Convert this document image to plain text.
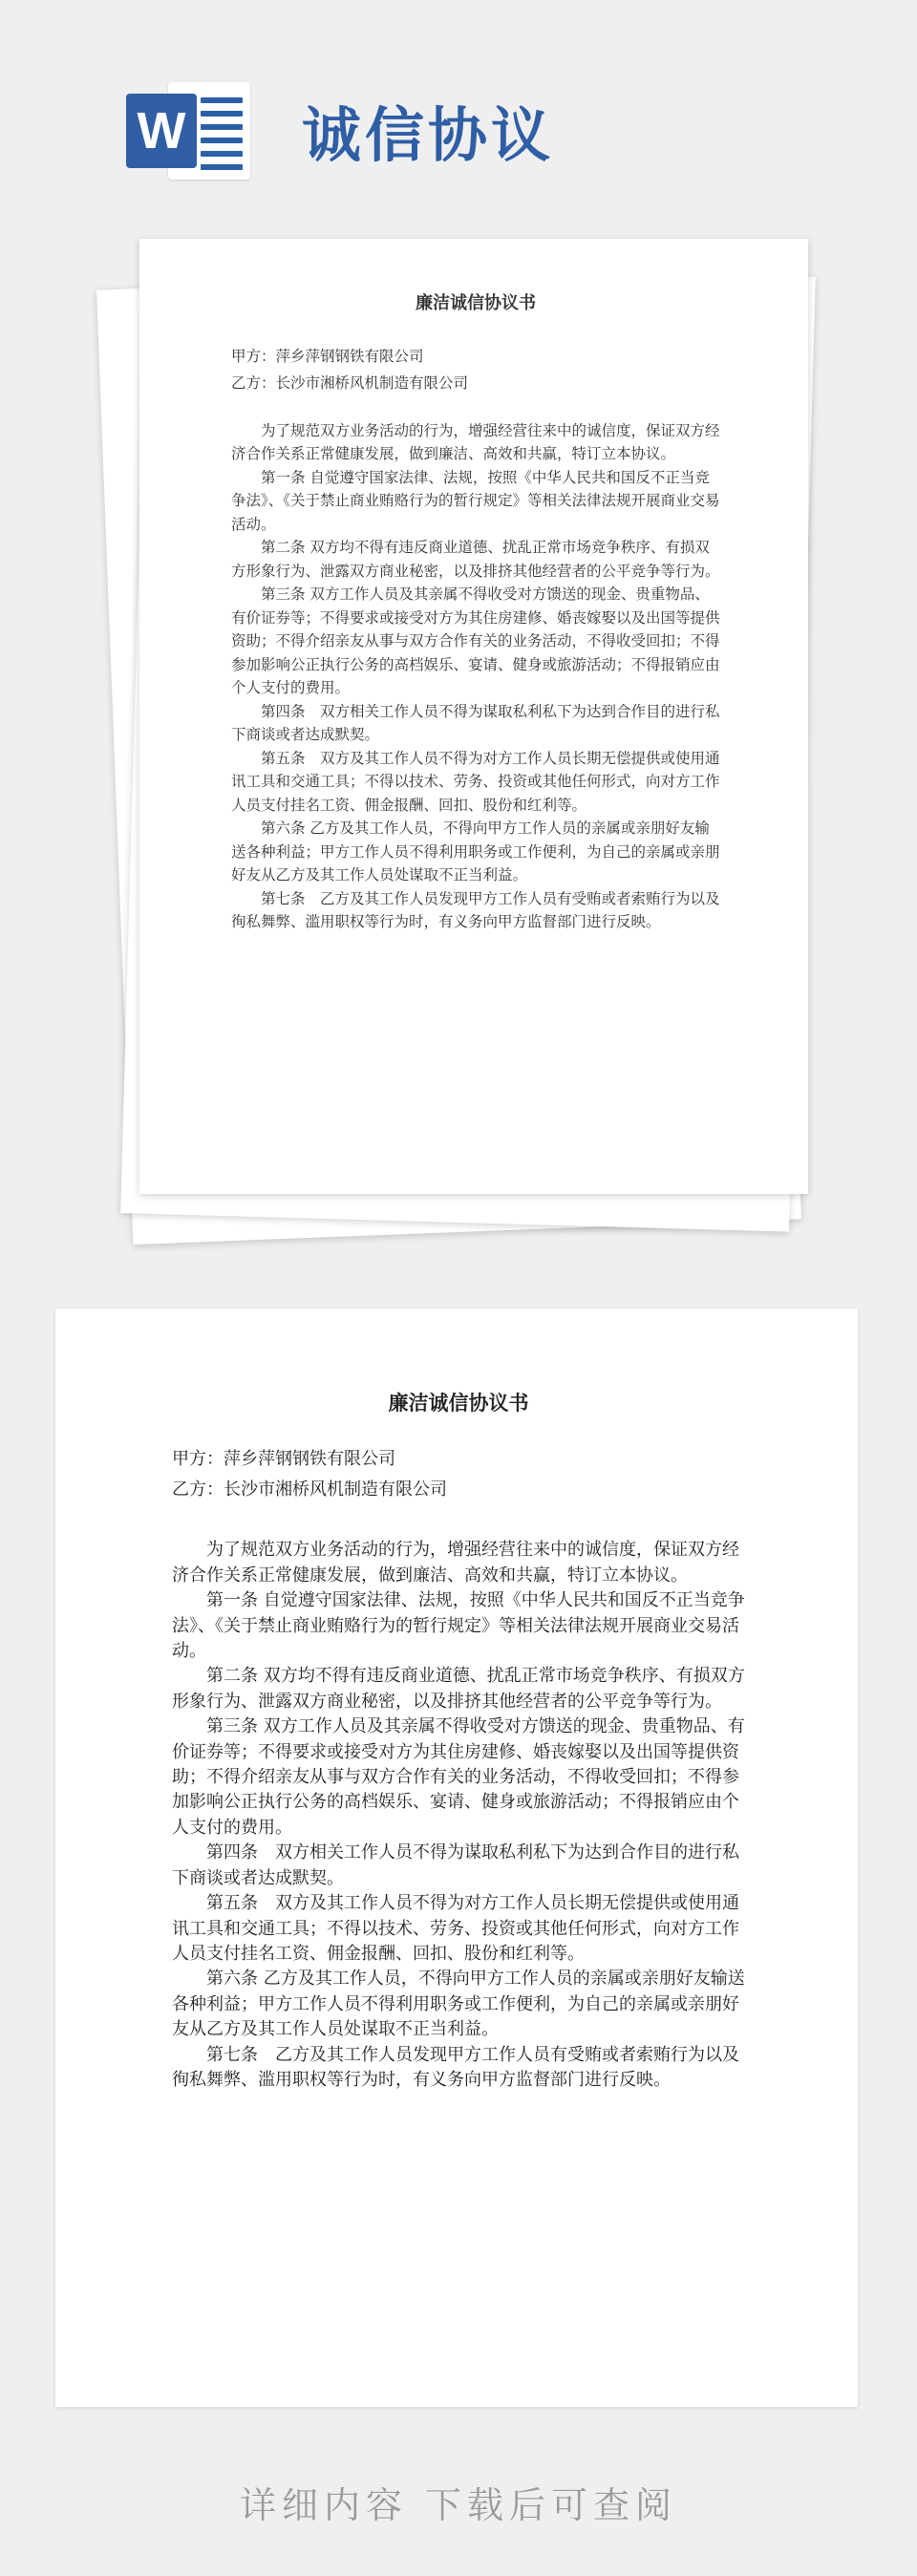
W 诚信协议
廉洁诚信协议书

甲方：萍乡萍钢钢铁有限公司

乙方：长沙市湘桥风机制造有限公司

为了规范双方业务活动的行为，增强经营往来中的诚信度，保证双方经济合作关系正常健康发展，做到廉洁、高效和共赢，特订立本协议。

第一条 自觉遵守国家法律、法规，按照《中华人民共和国反不正当竞争法》、《关于禁止商业贿赂行为的暂行规定》等相关法律法规开展商业交易活动。

第二条 双方均不得有违反商业道德、扰乱正常市场竞争秩序、有损双方形象行为、泄露双方商业秘密，以及排挤其他经营者的公平竞争等行为。

第三条 双方工作人员及其亲属不得收受对方馈送的现金、贵重物品、有价证券等；不得要求或接受对方为其住房建修、婚丧嫁娶以及出国等提供资助；不得介绍亲友从事与双方合作有关的业务活动，不得收受回扣；不得参加影响公正执行公务的高档娱乐、宴请、健身或旅游活动；不得报销应由个人支付的费用。

第四条　双方相关工作人员不得为谋取私利私下为达到合作目的进行私下商谈或者达成默契。

第五条　双方及其工作人员不得为对方工作人员长期无偿提供或使用通讯工具和交通工具；不得以技术、劳务、投资或其他任何形式，向对方工作人员支付挂名工资、佣金报酬、回扣、股份和红利等。

第六条 乙方及其工作人员，不得向甲方工作人员的亲属或亲朋好友输送各种利益；甲方工作人员不得利用职务或工作便利，为自己的亲属或亲朋好友从乙方及其工作人员处谋取不正当利益。

第七条　乙方及其工作人员发现甲方工作人员有受贿或者索贿行为以及徇私舞弊、滥用职权等行为时，有义务向甲方监督部门进行反映。

廉洁诚信协议书

甲方：萍乡萍钢钢铁有限公司

乙方：长沙市湘桥风机制造有限公司

为了规范双方业务活动的行为，增强经营往来中的诚信度，保证双方经济合作关系正常健康发展，做到廉洁、高效和共赢，特订立本协议。

第一条 自觉遵守国家法律、法规，按照《中华人民共和国反不正当竞争法》、《关于禁止商业贿赂行为的暂行规定》等相关法律法规开展商业交易活动。

第二条 双方均不得有违反商业道德、扰乱正常市场竞争秩序、有损双方形象行为、泄露双方商业秘密，以及排挤其他经营者的公平竞争等行为。

第三条 双方工作人员及其亲属不得收受对方馈送的现金、贵重物品、有价证券等；不得要求或接受对方为其住房建修、婚丧嫁娶以及出国等提供资助；不得介绍亲友从事与双方合作有关的业务活动，不得收受回扣；不得参加影响公正执行公务的高档娱乐、宴请、健身或旅游活动；不得报销应由个人支付的费用。

第四条　双方相关工作人员不得为谋取私利私下为达到合作目的进行私下商谈或者达成默契。

第五条　双方及其工作人员不得为对方工作人员长期无偿提供或使用通讯工具和交通工具；不得以技术、劳务、投资或其他任何形式，向对方工作人员支付挂名工资、佣金报酬、回扣、股份和红利等。

第六条 乙方及其工作人员，不得向甲方工作人员的亲属或亲朋好友输送各种利益；甲方工作人员不得利用职务或工作便利，为自己的亲属或亲朋好友从乙方及其工作人员处谋取不正当利益。

第七条　乙方及其工作人员发现甲方工作人员有受贿或者索贿行为以及徇私舞弊、滥用职权等行为时，有义务向甲方监督部门进行反映。

详细内容 下载后可查阅
